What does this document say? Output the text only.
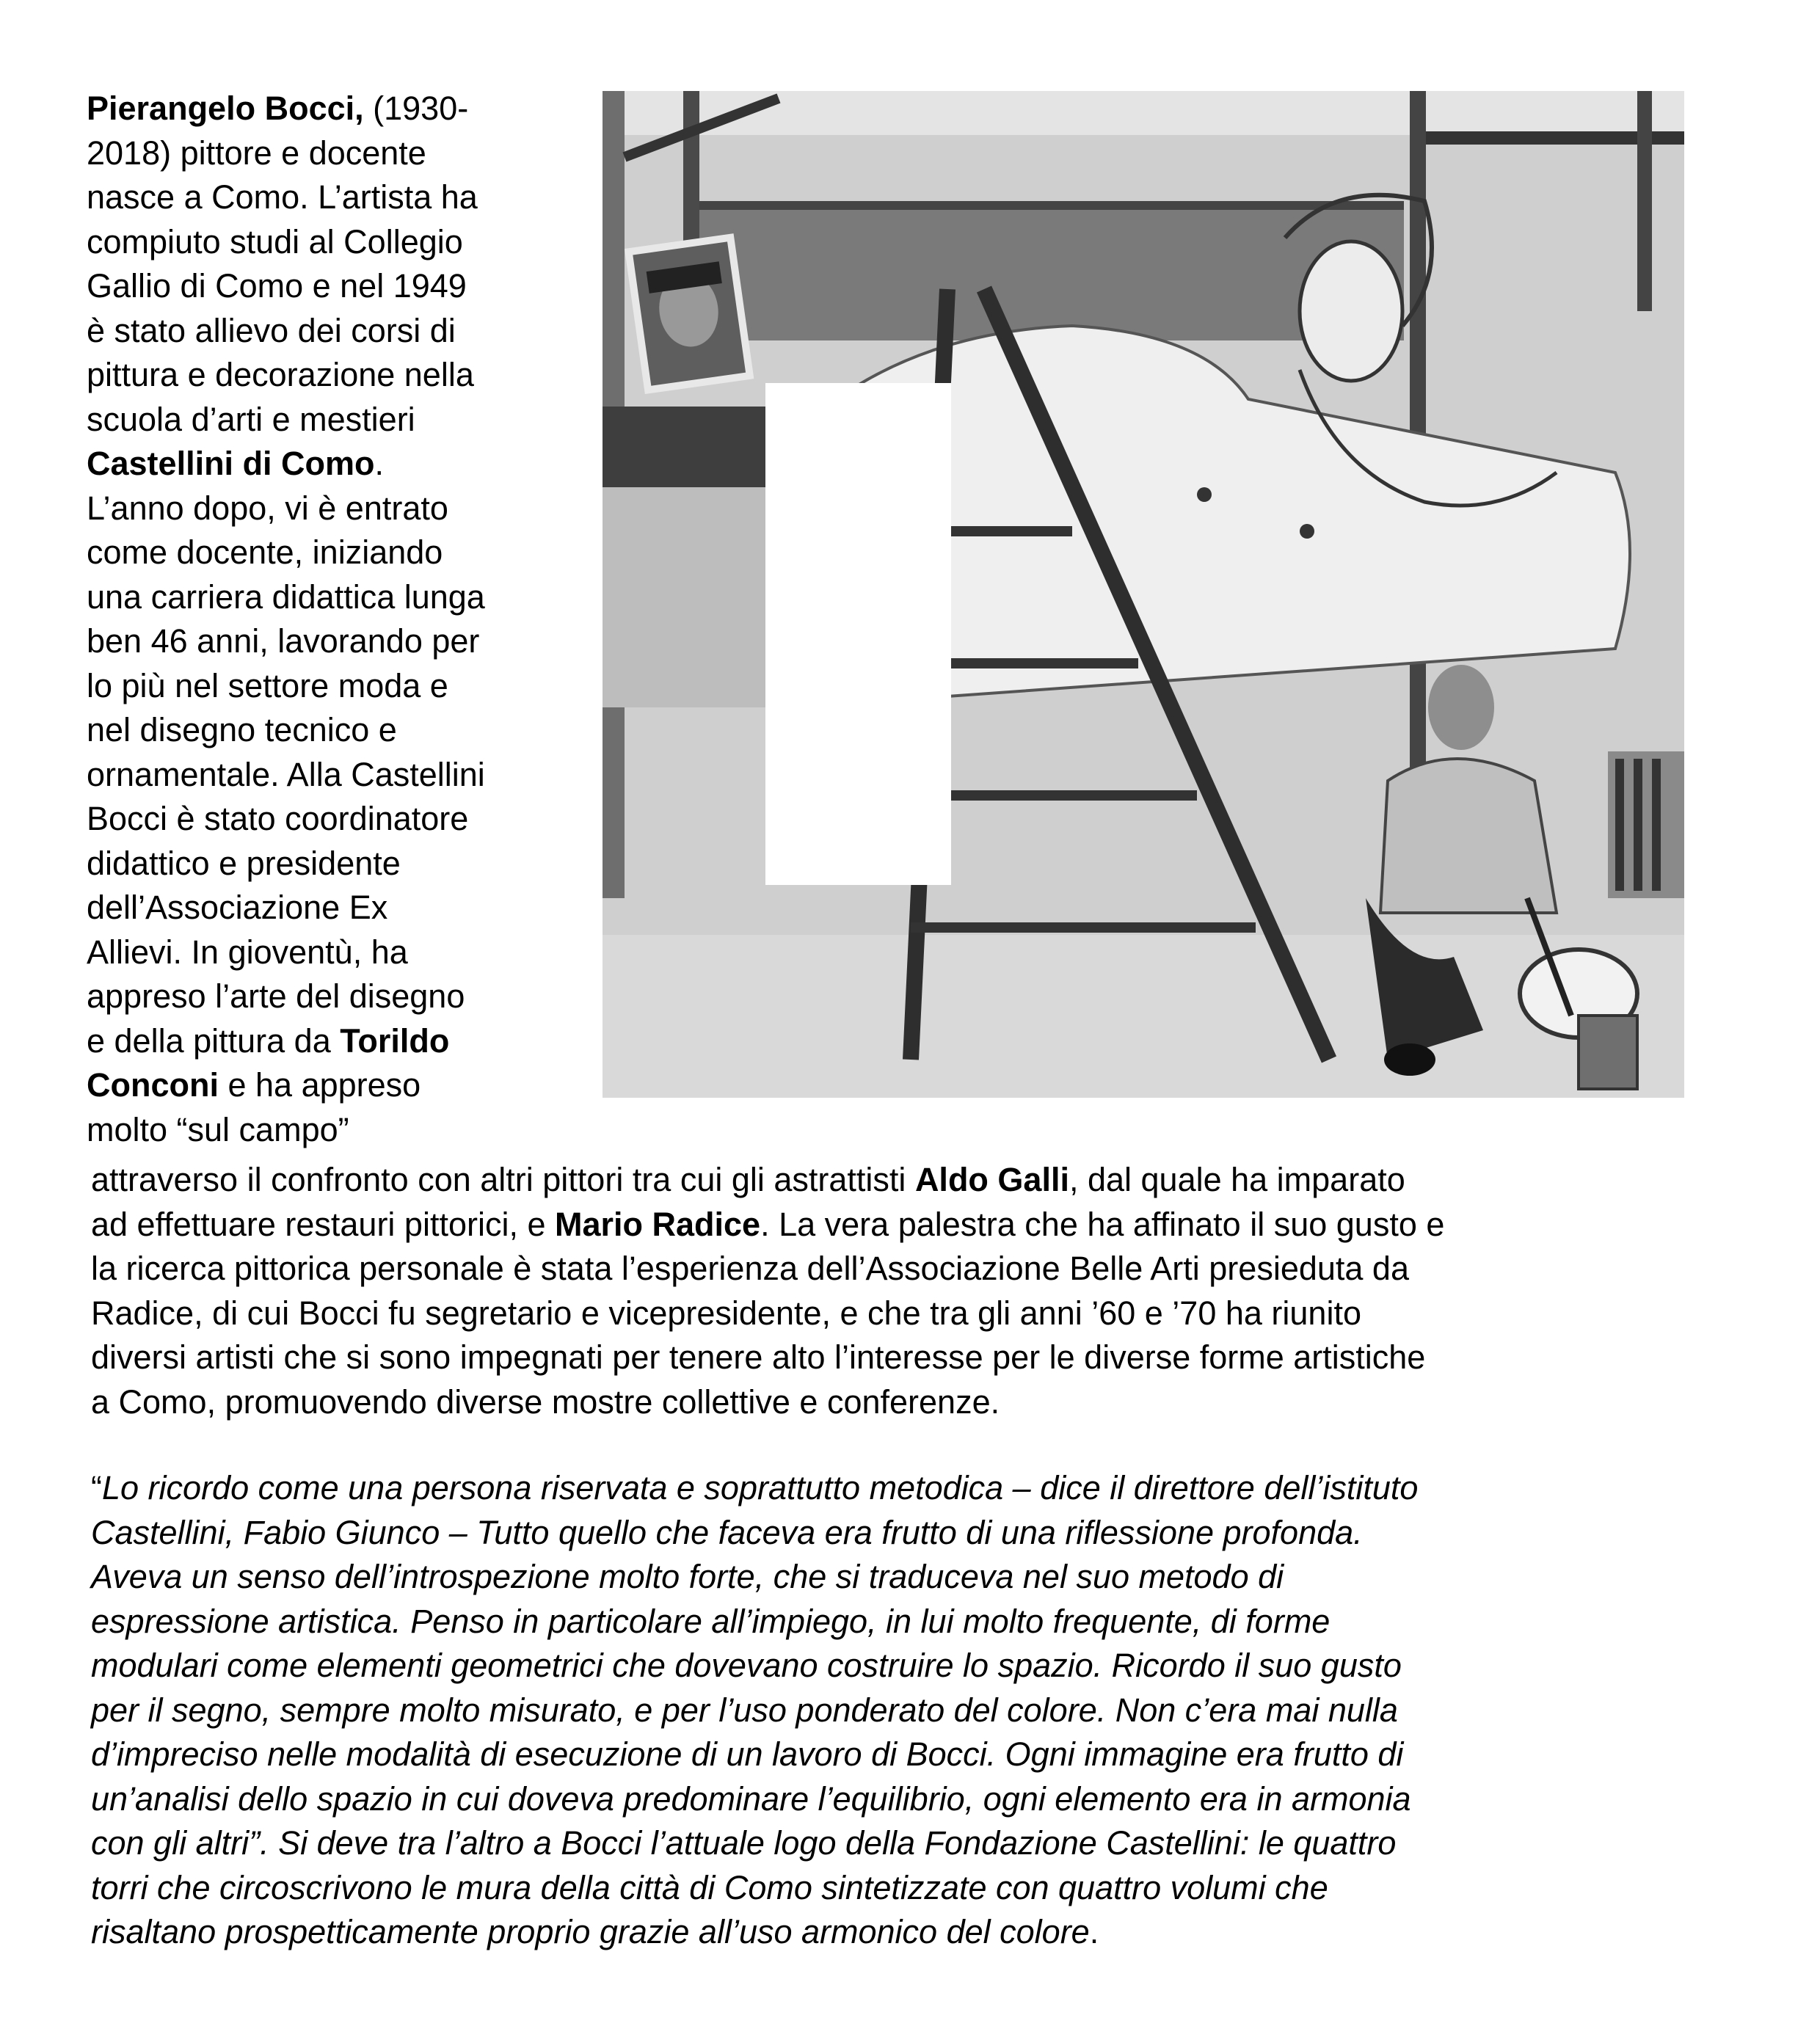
Pierangelo Bocci, (1930-
2018) pittore e docente
nasce a Como. L’artista ha
compiuto studi al Collegio
Gallio di Como e nel 1949
è stato allievo dei corsi di
pittura e decorazione nella
scuola d’arti e mestieri
Castellini di Como.
L’anno dopo, vi è entrato
come docente, iniziando
una carriera didattica lunga
ben 46 anni, lavorando per
lo più nel settore moda e
nel disegno tecnico e
ornamentale. Alla Castellini
Bocci è stato coordinatore
didattico e presidente
dell’Associazione Ex
Allievi. In gioventù, ha
appreso l’arte del disegno
e della pittura da Torildo
Conconi e ha appreso
molto “sul campo”
attraverso il confronto con altri pittori tra cui gli astrattisti Aldo Galli, dal quale ha imparato
ad effettuare restauri pittorici, e Mario Radice. La vera palestra che ha affinato il suo gusto e
la ricerca pittorica personale è stata l’esperienza dell’Associazione Belle Arti presieduta da
Radice, di cui Bocci fu segretario e vicepresidente, e che tra gli anni ’60 e ’70 ha riunito
diversi artisti che si sono impegnati per tenere alto l’interesse per le diverse forme artistiche
a Como, promuovendo diverse mostre collettive e conferenze.
“Lo ricordo come una persona riservata e soprattutto metodica – dice il direttore dell’istituto
Castellini, Fabio Giunco – Tutto quello che faceva era frutto di una riflessione profonda.
Aveva un senso dell’introspezione molto forte, che si traduceva nel suo metodo di
espressione artistica. Penso in particolare all’impiego, in lui molto frequente, di forme
modulari come elementi geometrici che dovevano costruire lo spazio. Ricordo il suo gusto
per il segno, sempre molto misurato, e per l’uso ponderato del colore. Non c’era mai nulla
d’impreciso nelle modalità di esecuzione di un lavoro di Bocci. Ogni immagine era frutto di
un’analisi dello spazio in cui doveva predominare l’equilibrio, ogni elemento era in armonia
con gli altri”. Si deve tra l’altro a Bocci l’attuale logo della Fondazione Castellini: le quattro
torri che circoscrivono le mura della città di Como sintetizzate con quattro volumi che
risaltano prospetticamente proprio grazie all’uso armonico del colore.
